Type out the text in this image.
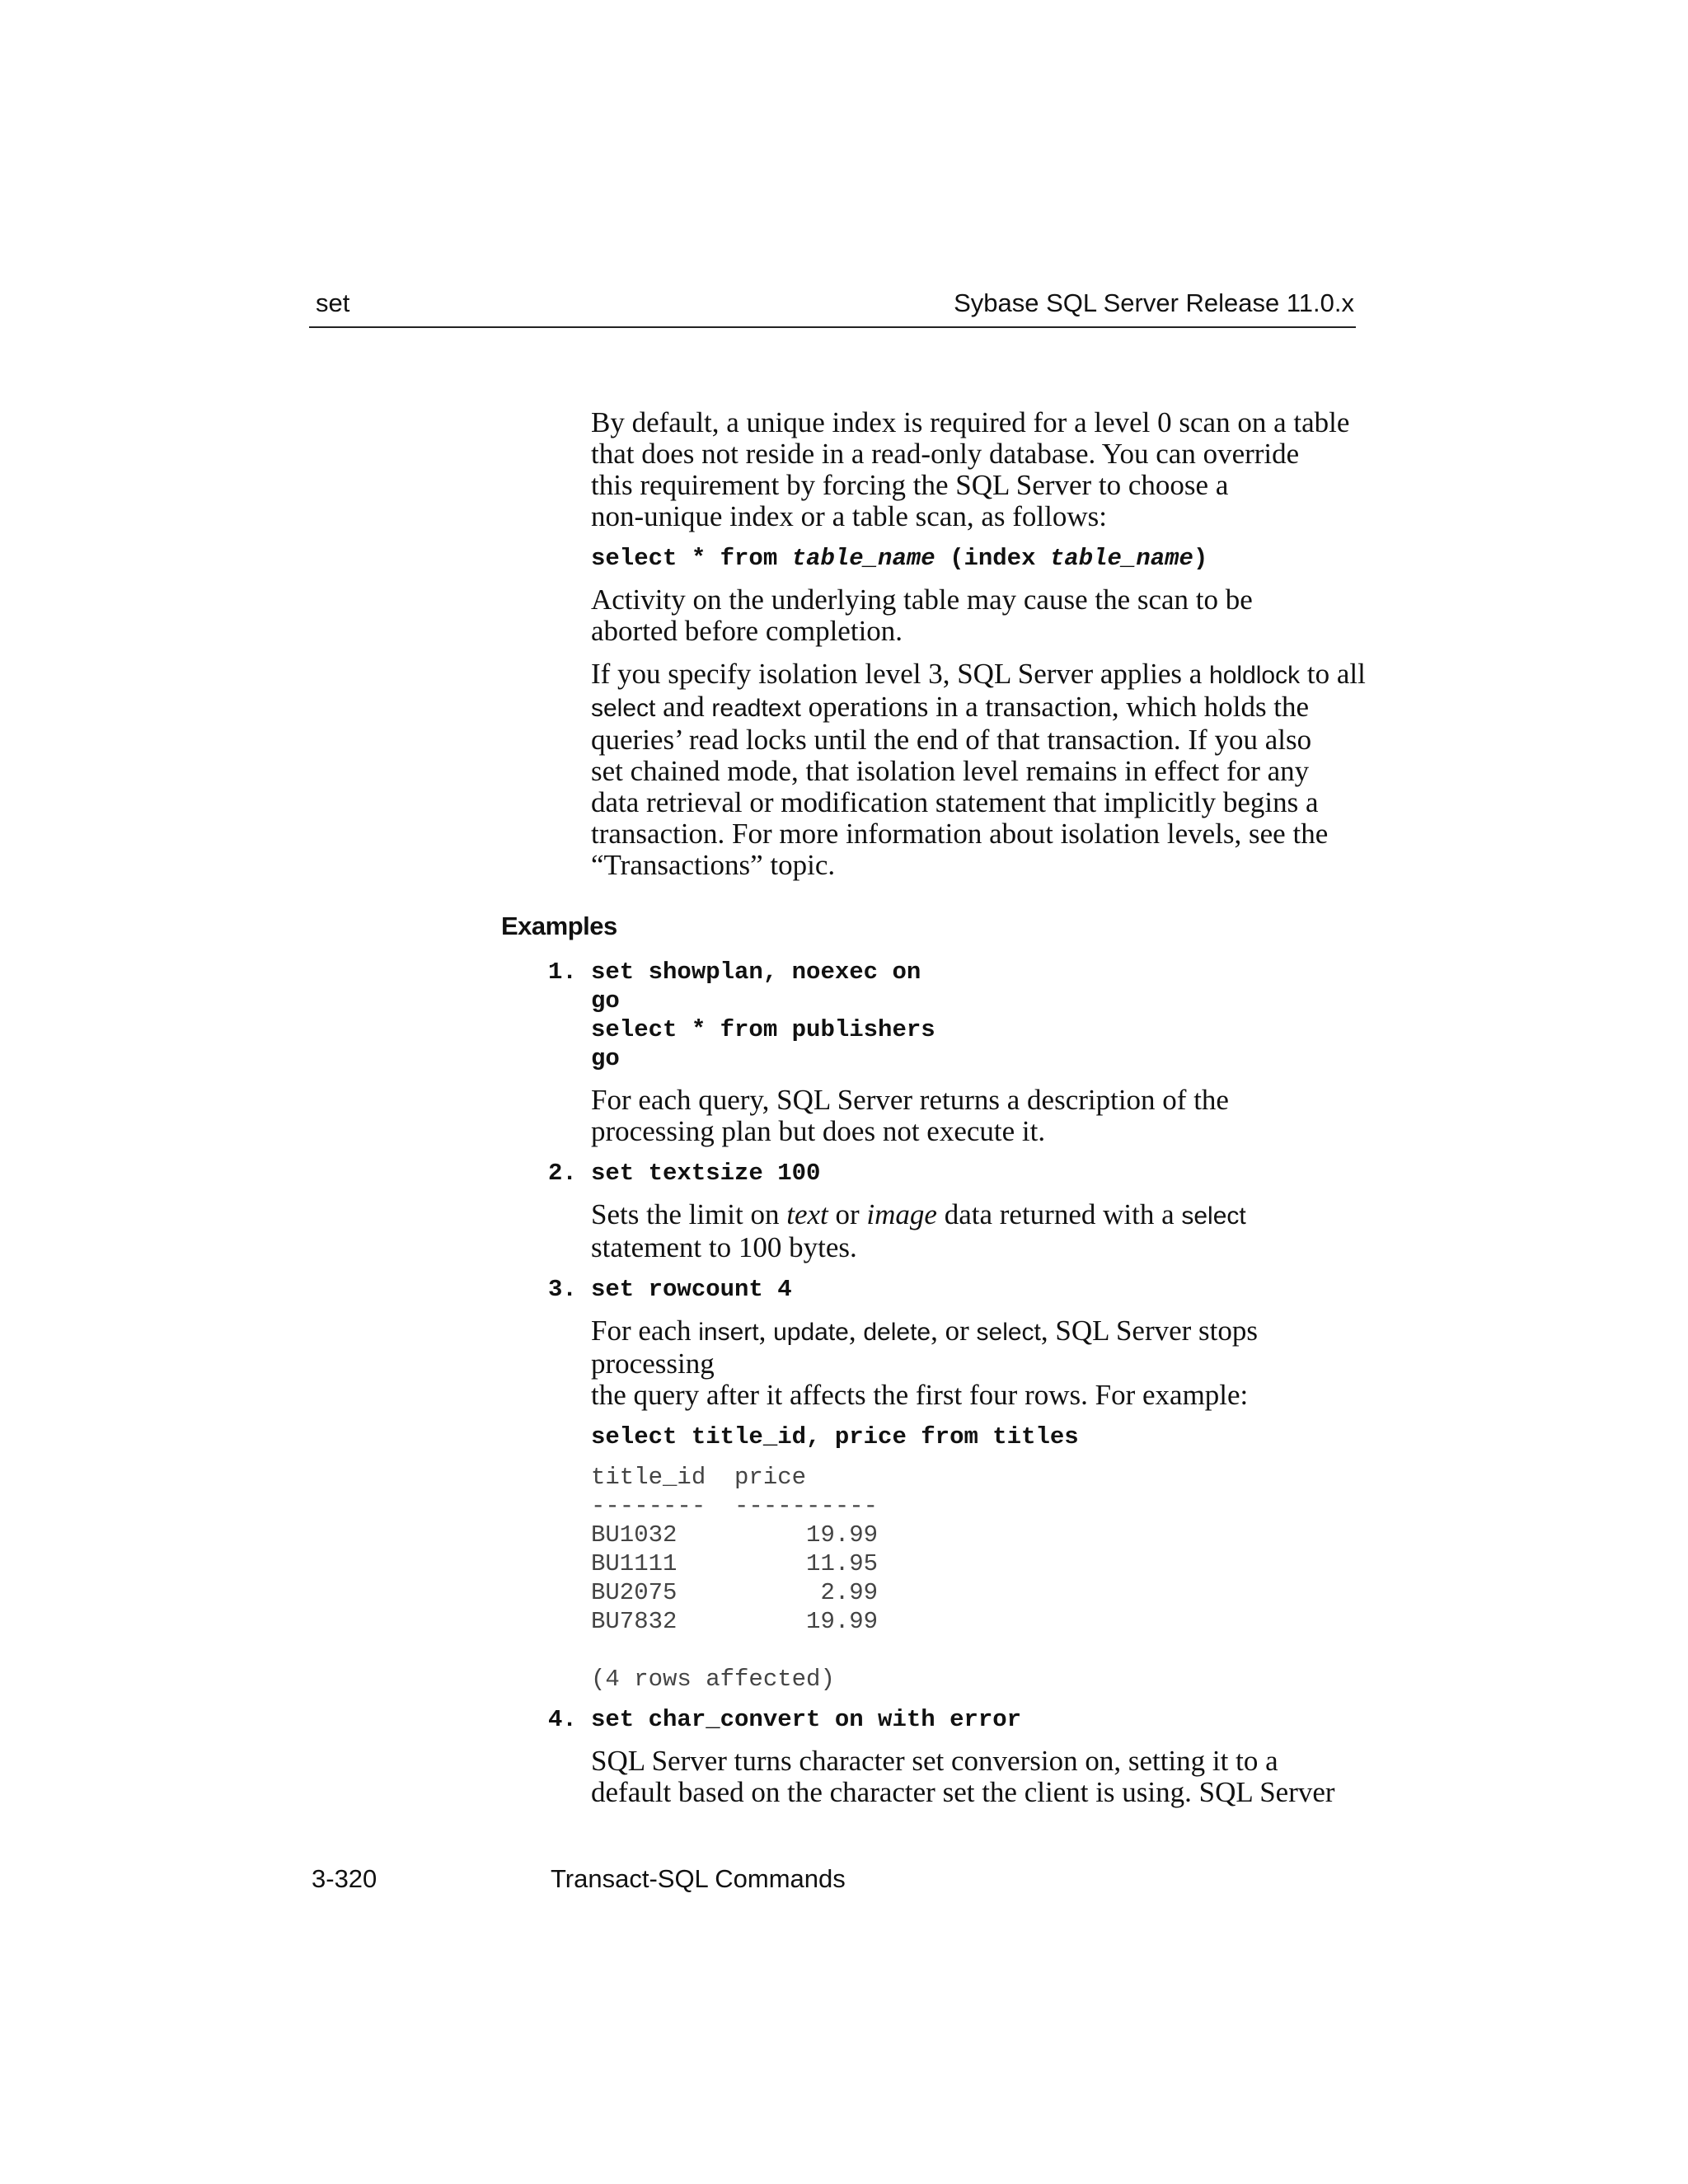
set	Sybase SQL Server Release 11.0.x

By default, a unique index is required for a level 0 scan on a table
that does not reside in a read-only database. You can override
this requirement by forcing the SQL Server to choose a
non-unique index or a table scan, as follows:

select * from table_name (index table_name)

Activity on the underlying table may cause the scan to be
aborted before completion.

If you specify isolation level 3, SQL Server applies a holdlock to all
select and readtext operations in a transaction, which holds the
queries’ read locks until the end of that transaction. If you also
set chained mode, that isolation level remains in effect for any
data retrieval or modification statement that implicitly begins a
transaction. For more information about isolation levels, see the
“Transactions” topic.

Examples
1. set showplan, noexec on
go
select * from publishers
go

For each query, SQL Server returns a description of the
processing plan but does not execute it.

2. set textsize 100

Sets the limit on text or image data returned with a select
statement to 100 bytes.

3. set rowcount 4

For each insert, update, delete, or select, SQL Server stops processing
the query after it affects the first four rows. For example:

select title_id, price from titles

title_id  price
--------  ----------
BU1032         19.99
BU1111         11.95
BU2075          2.99
BU7832         19.99

(4 rows affected)

4. set char_convert on with error

SQL Server turns character set conversion on, setting it to a
default based on the character set the client is using. SQL Server

3-320	Transact-SQL Commands
